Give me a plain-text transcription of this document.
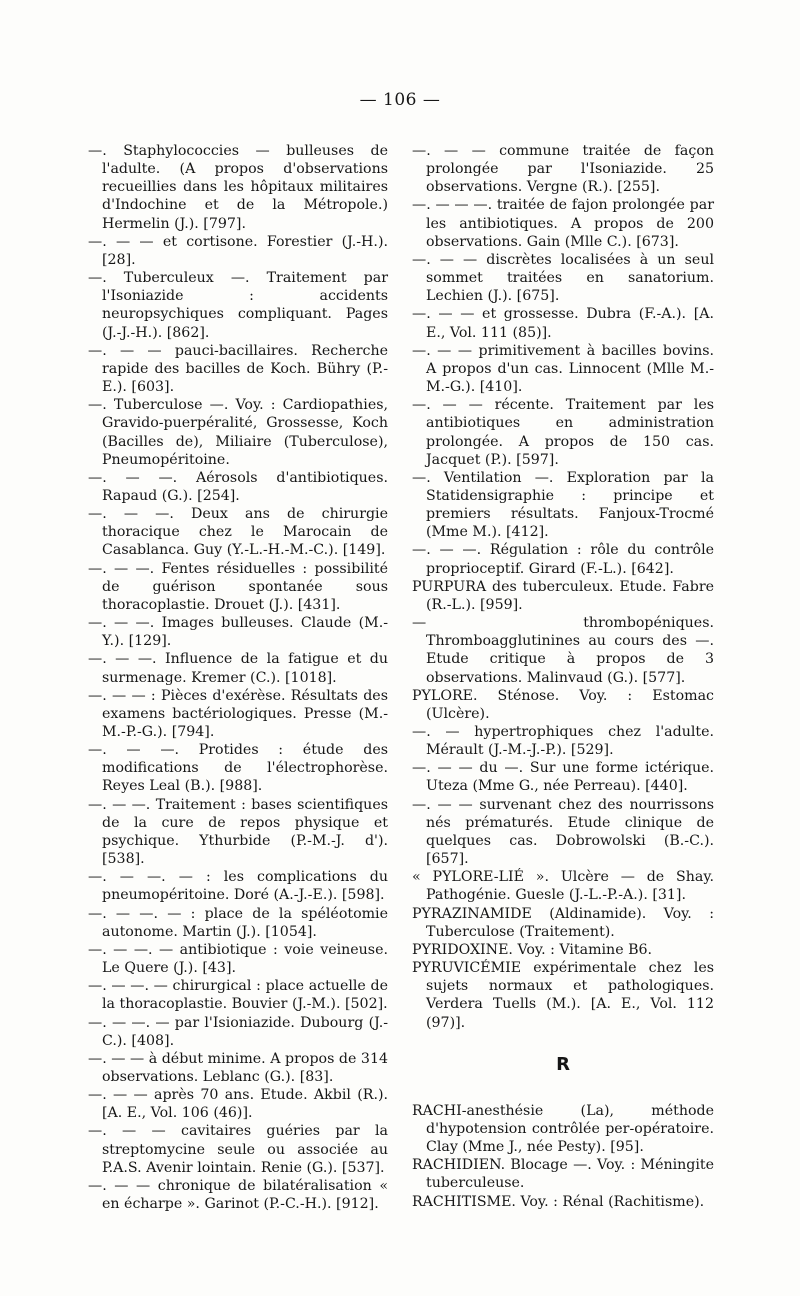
— 106 —

—. Staphylococcies — bulleuses de l'adulte. (A propos d'observations recueillies dans les hôpitaux militaires d'Indochine et de la Métropole.) Hermelin (J.). [797].

—. — — et cortisone. Forestier (J.-H.). [28].

—. Tuberculeux —. Traitement par l'Isoniazide : accidents neuropsychiques compliquant. Pages (J.-J.-H.). [862].

—. — — pauci-bacillaires. Recherche rapide des bacilles de Koch. Bühry (P.-E.). [603].

—. Tuberculose —. Voy. : Cardiopathies, Gravido-puerpéralité, Grossesse, Koch (Bacilles de), Miliaire (Tuberculose), Pneumopéritoine.

—. — —. Aérosols d'antibiotiques. Rapaud (G.). [254].

—. — —. Deux ans de chirurgie thoracique chez le Marocain de Casablanca. Guy (Y.-L.-H.-M.-C.). [149].

—. — —. Fentes résiduelles : possibilité de guérison spontanée sous thoracoplastie. Drouet (J.). [431].

—. — —. Images bulleuses. Claude (M.-Y.). [129].

—. — —. Influence de la fatigue et du surmenage. Kremer (C.). [1018].

—. — — : Pièces d'exérèse. Résultats des examens bactériologiques. Presse (M.-M.-P.-G.). [794].

—. — —. Protides : étude des modifications de l'électrophorèse. Reyes Leal (B.). [988].

—. — —. Traitement : bases scientifiques de la cure de repos physique et psychique. Ythurbide (P.-M.-J. d'). [538].

—. — —. — : les complications du pneumopéritoine. Doré (A.-J.-E.). [598].

—. — —. — : place de la spéléotomie autonome. Martin (J.). [1054].

—. — —. — antibiotique : voie veineuse. Le Quere (J.). [43].

—. — —. — chirurgical : place actuelle de la thoracoplastie. Bouvier (J.-M.). [502].

—. — —. — par l'Isioniazide. Dubourg (J.-C.). [408].

—. — — à début minime. A propos de 314 observations. Leblanc (G.). [83].

—. — — après 70 ans. Etude. Akbil (R.). [A. E., Vol. 106 (46)].

—. — — cavitaires guéries par la streptomycine seule ou associée au P.A.S. Avenir lointain. Renie (G.). [537].

—. — — chronique de bilatéralisation « en écharpe ». Garinot (P.-C.-H.). [912].

—. — — commune traitée de façon prolongée par l'Isoniazide. 25 observations. Vergne (R.). [255].

—. — — —. traitée de fajon prolongée par les antibiotiques. A propos de 200 observations. Gain (Mlle C.). [673].

—. — — discrètes localisées à un seul sommet traitées en sanatorium. Lechien (J.). [675].

—. — — et grossesse. Dubra (F.-A.). [A. E., Vol. 111 (85)].

—. — — primitivement à bacilles bovins. A propos d'un cas. Linnocent (Mlle M.-M.-G.). [410].

—. — — récente. Traitement par les antibiotiques en administration prolongée. A propos de 150 cas. Jacquet (P.). [597].

—. Ventilation —. Exploration par la Statidensigraphie : principe et premiers résultats. Fanjoux-Trocmé (Mme M.). [412].

—. — —. Régulation : rôle du contrôle proprioceptif. Girard (F.-L.). [642].

PURPURA des tuberculeux. Etude. Fabre (R.-L.). [959].

— thrombopéniques. Thromboagglutinines au cours des —. Etude critique à propos de 3 observations. Malinvaud (G.). [577].

PYLORE. Sténose. Voy. : Estomac (Ulcère).

—. — hypertrophiques chez l'adulte. Mérault (J.-M.-J.-P.). [529].

—. — — du —. Sur une forme ictérique. Uteza (Mme G., née Perreau). [440].

—. — — survenant chez des nourrissons nés prématurés. Etude clinique de quelques cas. Dobrowolski (B.-C.). [657].

« PYLORE-LIÉ ». Ulcère — de Shay. Pathogénie. Guesle (J.-L.-P.-A.). [31].

PYRAZINAMIDE (Aldinamide). Voy. : Tuberculose (Traitement).

PYRIDOXINE. Voy. : Vitamine B6.

PYRUVICÉMIE expérimentale chez les sujets normaux et pathologiques. Verdera Tuells (M.). [A. E., Vol. 112 (97)].

R

RACHI-anesthésie (La), méthode d'hypotension contrôlée per-opératoire. Clay (Mme J., née Pesty). [95].

RACHIDIEN. Blocage —. Voy. : Méningite tuberculeuse.

RACHITISME. Voy. : Rénal (Rachitisme).
